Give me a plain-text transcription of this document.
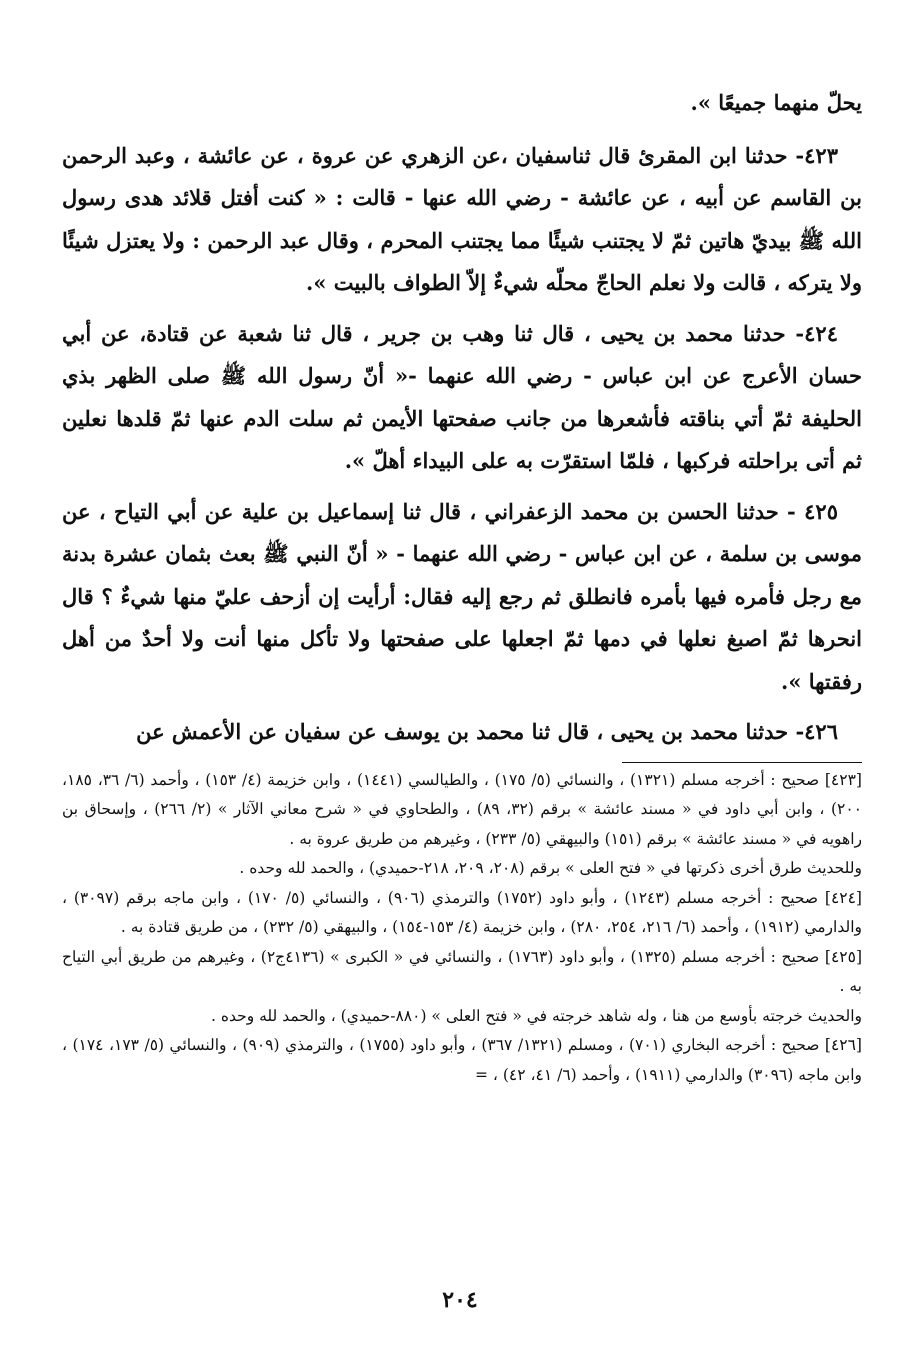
يحلّ منهما جميعًا ».

٤٢٣- حدثنا ابن المقرئ قال ثناسفيان ،عن الزهري عن عروة ، عن عائشة ، وعبد الرحمن بن القاسم عن أبيه ، عن عائشة - رضي الله عنها - قالت : « كنت أفتل قلائد هدى رسول الله ﷺ بيديّ هاتين ثمّ لا يجتنب شيئًا مما يجتنب المحرم ، وقال عبد الرحمن : ولا يعتزل شيئًا ولا يتركه ، قالت ولا نعلم الحاجّ محلّه شيءٌ إلاّ الطواف بالبيت ».

٤٢٤- حدثنا محمد بن يحيى ، قال ثنا وهب بن جرير ، قال ثنا شعبة عن قتادة، عن أبي حسان الأعرج عن ابن عباس - رضي الله عنهما -« أنّ رسول الله ﷺ صلى الظهر بذي الحليفة ثمّ أتي بناقته فأشعرها من جانب صفحتها الأيمن ثم سلت الدم عنها ثمّ قلدها نعلين ثم أتى براحلته فركبها ، فلمّا استقرّت به على البيداء أهلّ ».

٤٢٥ - حدثنا الحسن بن محمد الزعفراني ، قال ثنا إسماعيل بن علية عن أبي التياح ، عن موسى بن سلمة ، عن ابن عباس - رضي الله عنهما - « أنّ النبي ﷺ بعث بثمان عشرة بدنة مع رجل فأمره فيها بأمره فانطلق ثم رجع إليه فقال: أرأيت إن أزحف عليّ منها شيءٌ ؟ قال انحرها ثمّ اصبغ نعلها في دمها ثمّ اجعلها على صفحتها ولا تأكل منها أنت ولا أحدٌ من أهل رفقتها ».

٤٢٦- حدثنا محمد بن يحيى ، قال ثنا محمد بن يوسف عن سفيان عن الأعمش عن

[٤٢٣] صحيح : أخرجه مسلم (١٣٢١) ، والنسائي (٥/ ١٧٥) ، والطيالسي (١٤٤١) ، وابن خزيمة (٤/ ١٥٣) ، وأحمد (٦/ ٣٦، ١٨٥، ٢٠٠) ، وابن أبي داود في « مسند عائشة » برقم (٣٢، ٨٩) ، والطحاوي في « شرح معاني الآثار » (٢/ ٢٦٦) ، وإسحاق بن راهويه في « مسند عائشة » برقم (١٥١) والبيهقي (٥/ ٢٣٣) ، وغيرهم من طريق عروة به .

وللحديث طرق أخرى ذكرتها في « فتح العلى » برقم (٢٠٨، ٢٠٩، ٢١٨-حميدي) ، والحمد لله وحده .

[٤٢٤] صحيح : أخرجه مسلم (١٢٤٣) ، وأبو داود (١٧٥٢) والترمذي (٩٠٦) ، والنسائي (٥/ ١٧٠) ، وابن ماجه برقم (٣٠٩٧) ، والدارمي (١٩١٢) ، وأحمد (٦/ ٢١٦، ٢٥٤، ٢٨٠) ، وابن خزيمة (٤/ ١٥٣-١٥٤) ، والبيهقي (٥/ ٢٣٢) ، من طريق قتادة به .

[٤٢٥] صحيح : أخرجه مسلم (١٣٢٥) ، وأبو داود (١٧٦٣) ، والنسائي في « الكبرى » (٤١٣٦ج٢) ، وغيرهم من طريق أبي التياح به .

والحديث خرجته بأوسع من هنا ، وله شاهد خرجته في « فتح العلى » (٨٨٠-حميدي) ، والحمد لله وحده .

[٤٢٦] صحيح : أخرجه البخاري (٧٠١) ، ومسلم (١٣٢١/ ٣٦٧) ، وأبو داود (١٧٥٥) ، والترمذي (٩٠٩) ، والنسائي (٥/ ١٧٣، ١٧٤) ، وابن ماجه (٣٠٩٦) والدارمي (١٩١١) ، وأحمد (٦/ ٤١، ٤٢) ، =

٢٠٤
